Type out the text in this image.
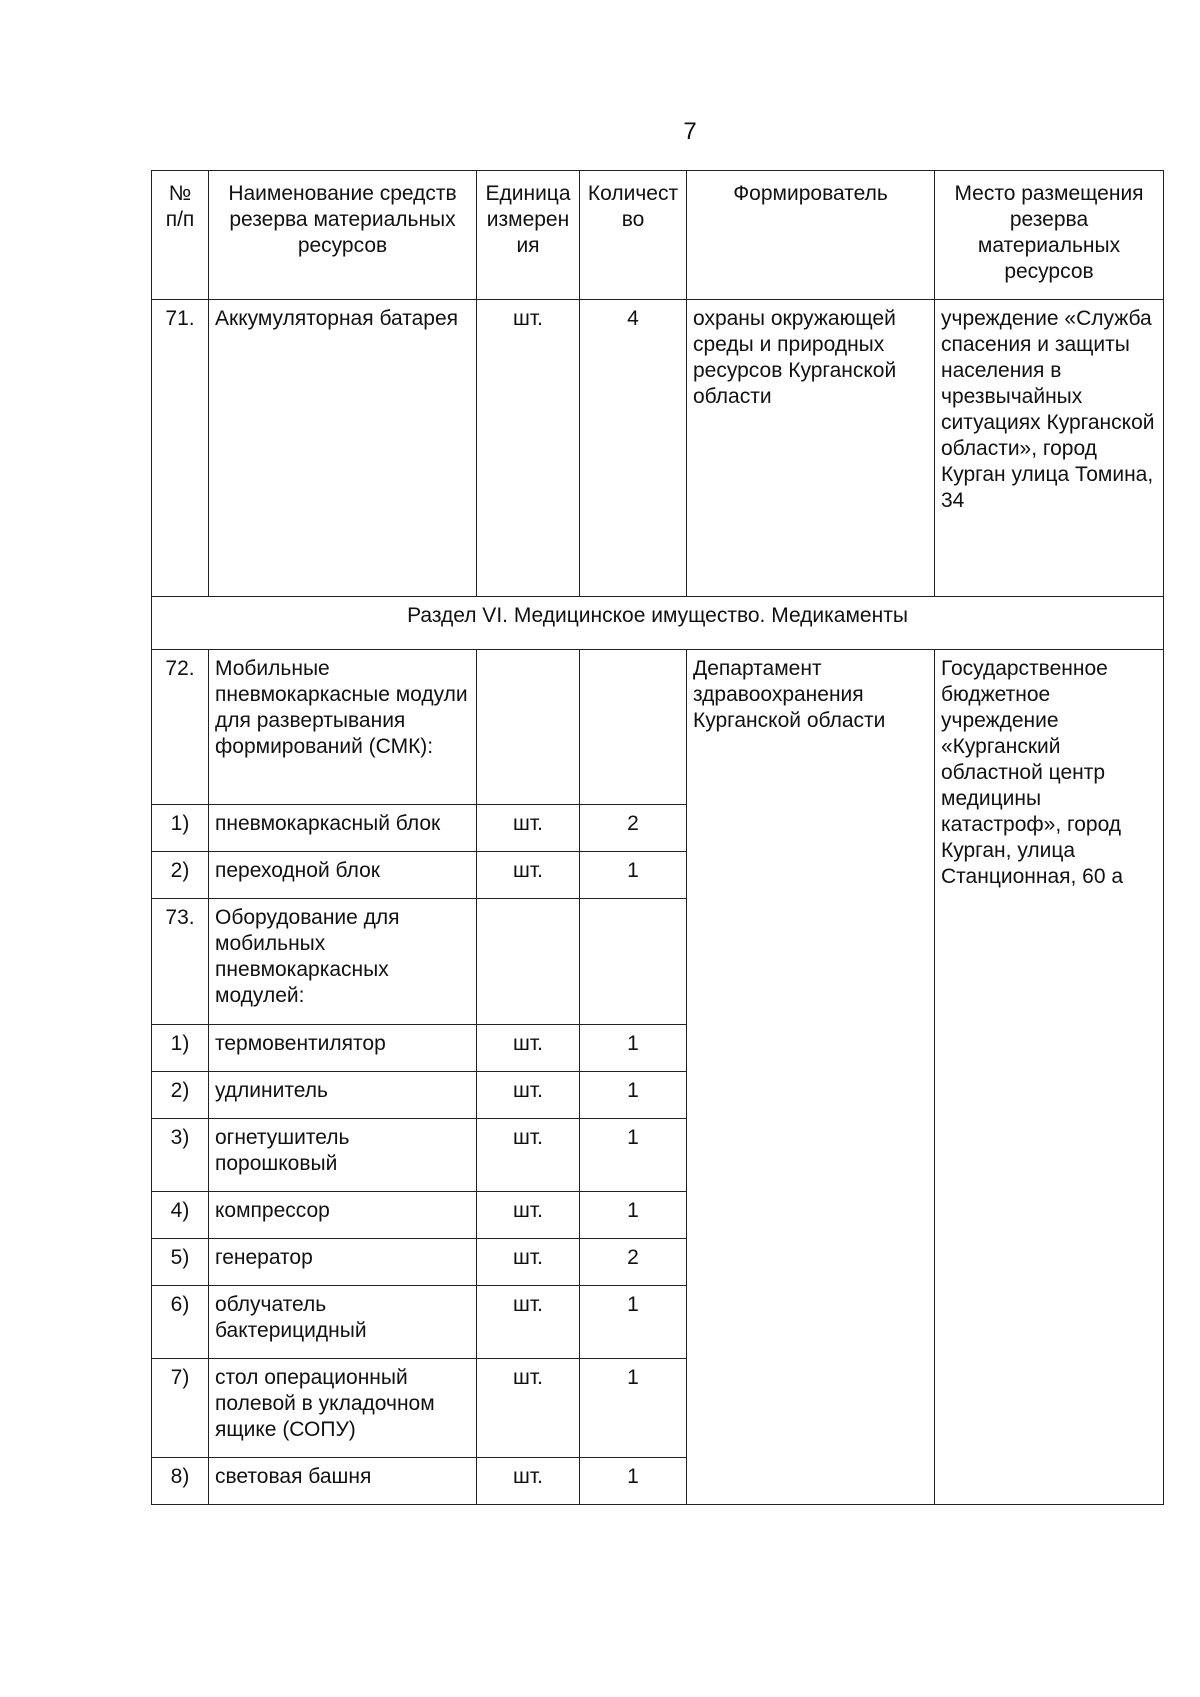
7
№ п/п	Наименование средств резерва материальных ресурсов	Единица измерен ия	Количест во	Формирователь	Место размещения резерва материальных ресурсов
71.	Аккумуляторная батарея	шт.	4	охраны окружающей среды и природных ресурсов Курганской области	учреждение «Служба спасения и защиты населения в чрезвычайных ситуациях Курганской области», город Курган улица Томина, 34
Раздел VI. Медицинское имущество. Медикаменты					
72.	Мобильные пневмокаркасные модули для развертывания формирований (СМК):			Департамент здравоохранения Курганской области	Государственное бюджетное учреждение «Курганский областной центр медицины катастроф», город Курган, улица Станционная, 60 а
1)	пневмокаркасный блок	шт.	2		
2)	переходной блок	шт.	1		
73.	Оборудование для мобильных пневмокаркасных модулей:				
1)	термовентилятор	шт.	1		
2)	удлинитель	шт.	1		
3)	огнетушитель порошковый	шт.	1		
4)	компрессор	шт.	1		
5)	генератор	шт.	2		
6)	облучатель бактерицидный	шт.	1		
7)	стол операционный полевой в укладочном ящике (СОПУ)	шт.	1		
8)	световая башня	шт.	1		
